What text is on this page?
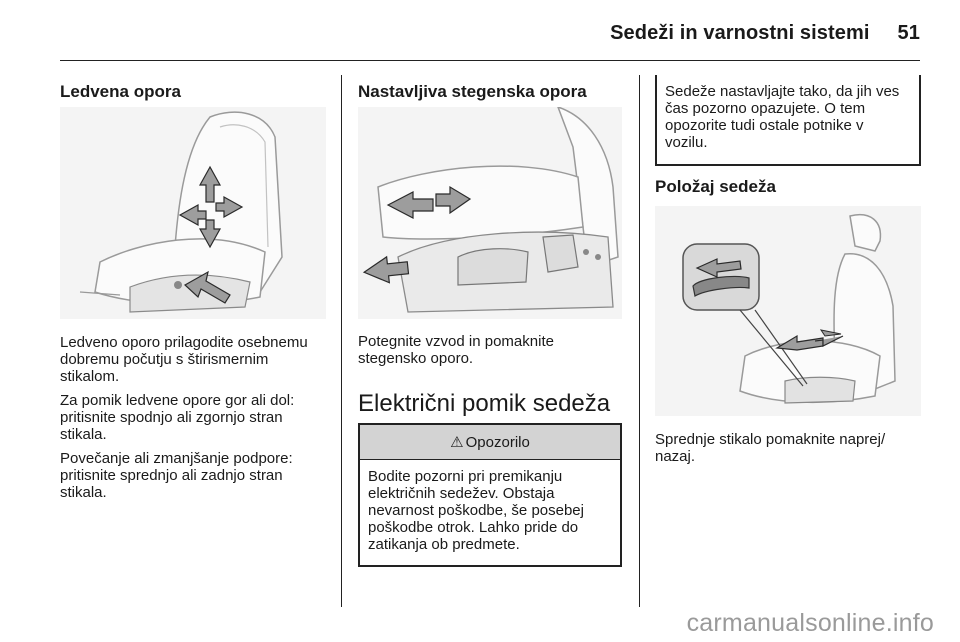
Sedeži in varnostni sistemi 51
Ledvena opora

Ledveno oporo prilagodite osebnemu dobremu počutju s štirismernim stikalom.

Za pomik ledvene opore gor ali dol: pritisnite spodnjo ali zgornjo stran stikala.

Povečanje ali zmanjšanje podpore: pritisnite sprednjo ali zadnjo stran stikala.

Nastavljiva stegenska opora

Potegnite vzvod in pomaknite stegensko oporo.

Električni pomik sedeža
⚠ Opozorilo
Bodite pozorni pri premikanju električnih sedežev. Obstaja nevarnost poškodbe, še posebej poškodbe otrok. Lahko pride do zatikanja ob predmete.
Sedeže nastavljajte tako, da jih ves čas pozorno opazujete. O tem opozorite tudi ostale potnike v vozilu.
Položaj sedeža

Sprednje stikalo pomaknite naprej/ nazaj.

carmanualsonline.info
